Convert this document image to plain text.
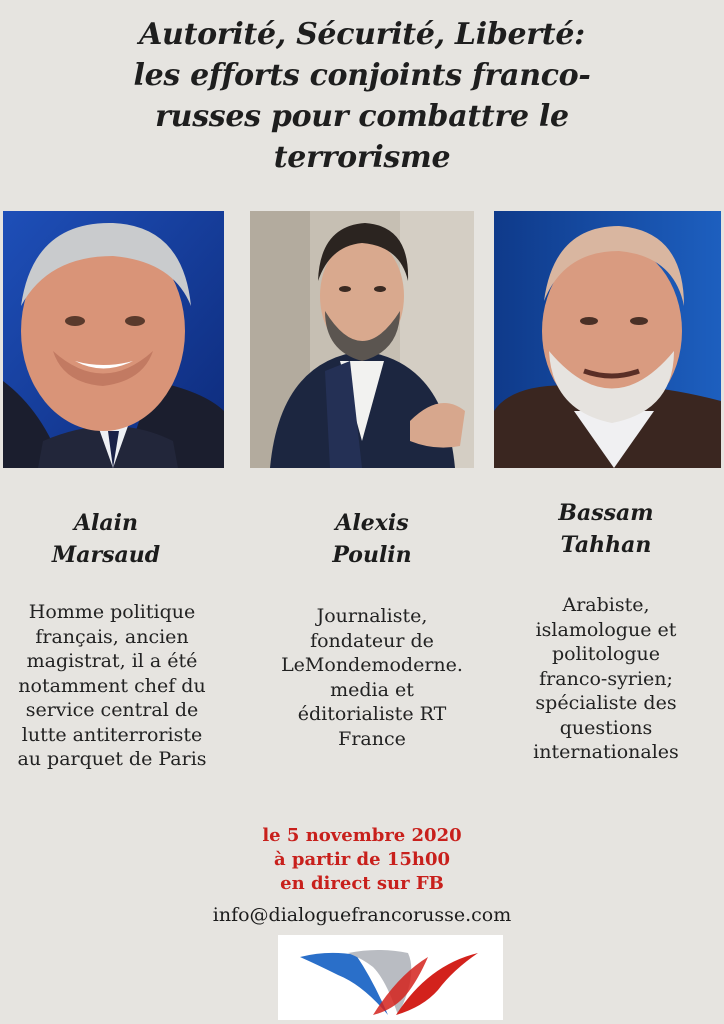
Autorité, Sécurité, Liberté:
les efforts conjoints franco-
russes pour combattre le
terrorisme
Alain
Marsaud
Alexis
Poulin
Bassam
Tahhan
Homme politique
français, ancien
magistrat, il a été
notamment chef du
service central de
lutte antiterroriste
au parquet de Paris
Journaliste,
fondateur de
LeMondemoderne.
media et
éditorialiste RT
France
Arabiste,
islamologue et
politologue
franco-syrien;
spécialiste des
questions
internationales
le 5 novembre 2020
à partir de 15h00
en direct sur FB
info@dialoguefrancorusse.com
